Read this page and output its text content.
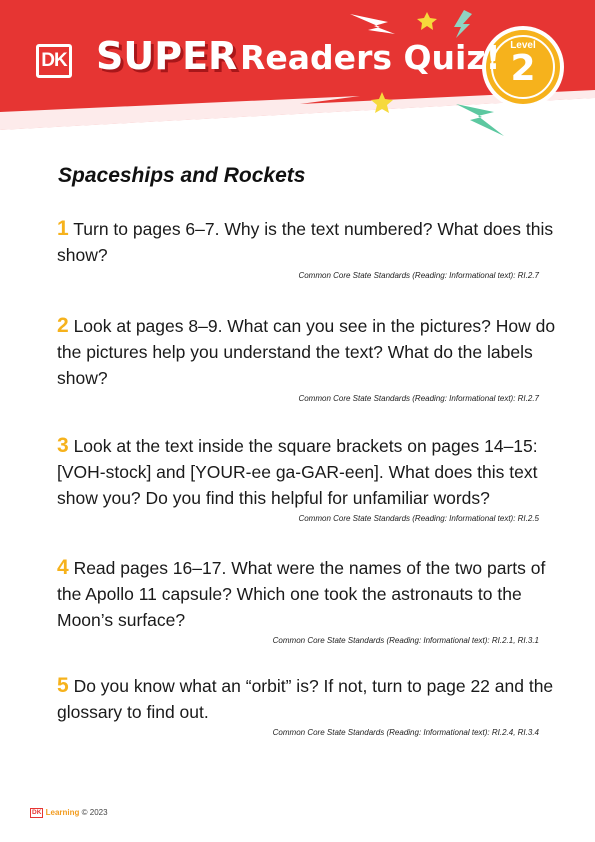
DK SUPER Readers Quiz! Level
2
Spaceships and Rockets

1 Turn to pages 6–7. Why is the text numbered? What does this show?

Common Core State Standards (Reading: Informational text): RI.2.7

2 Look at pages 8–9. What can you see in the pictures? How do the pictures help you understand the text? What do the labels show?

Common Core State Standards (Reading: Informational text): RI.2.7

3 Look at the text inside the square brackets on pages 14–15: [VOH-stock] and [YOUR-ee ga-GAR-een]. What does this text show you? Do you find this helpful for unfamiliar words?

Common Core State Standards (Reading: Informational text): RI.2.5

4 Read pages 16–17. What were the names of the two parts of the Apollo 11 capsule? Which one took the astronauts to the Moon’s surface?

Common Core State Standards (Reading: Informational text): RI.2.1, RI.3.1

5 Do you know what an “orbit” is? If not, turn to page 22 and the glossary to find out.

Common Core State Standards (Reading: Informational text): RI.2.4, RI.3.4
DK Learning © 2023
